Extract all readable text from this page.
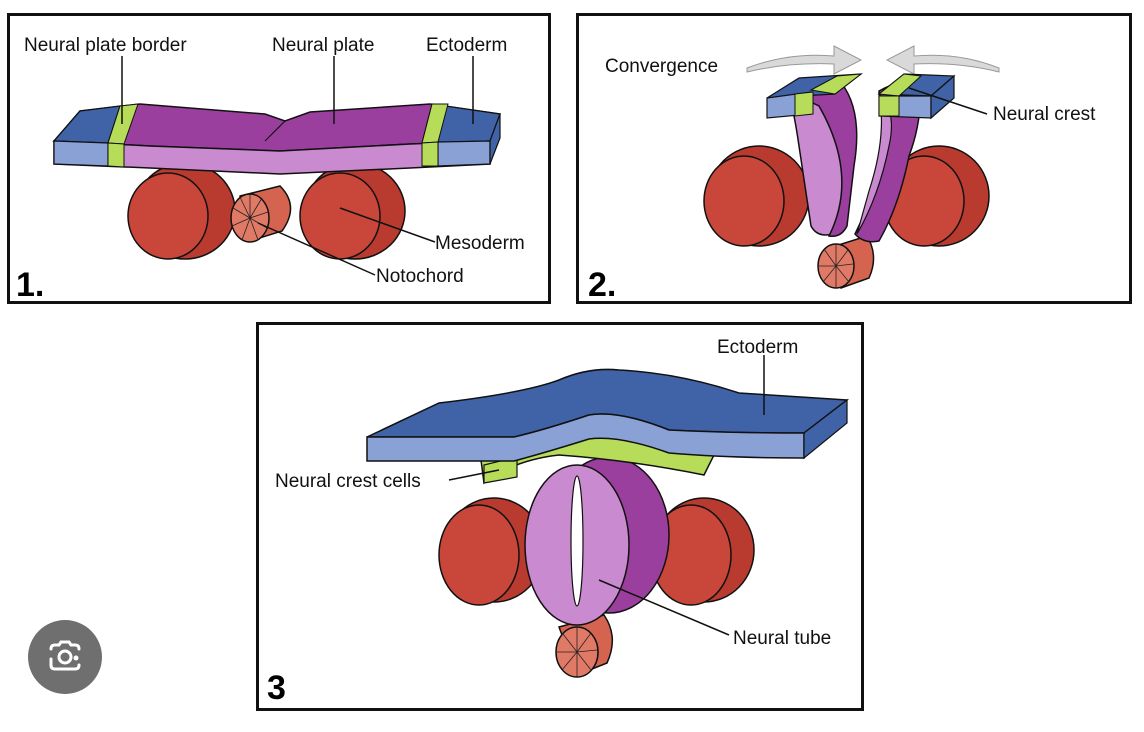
Neural plate border	Neural plate	Ectoderm
Mesoderm
Notochord
1.
Convergence
Neural crest
2.
Ectoderm
Neural crest cells
Neural tube
3
